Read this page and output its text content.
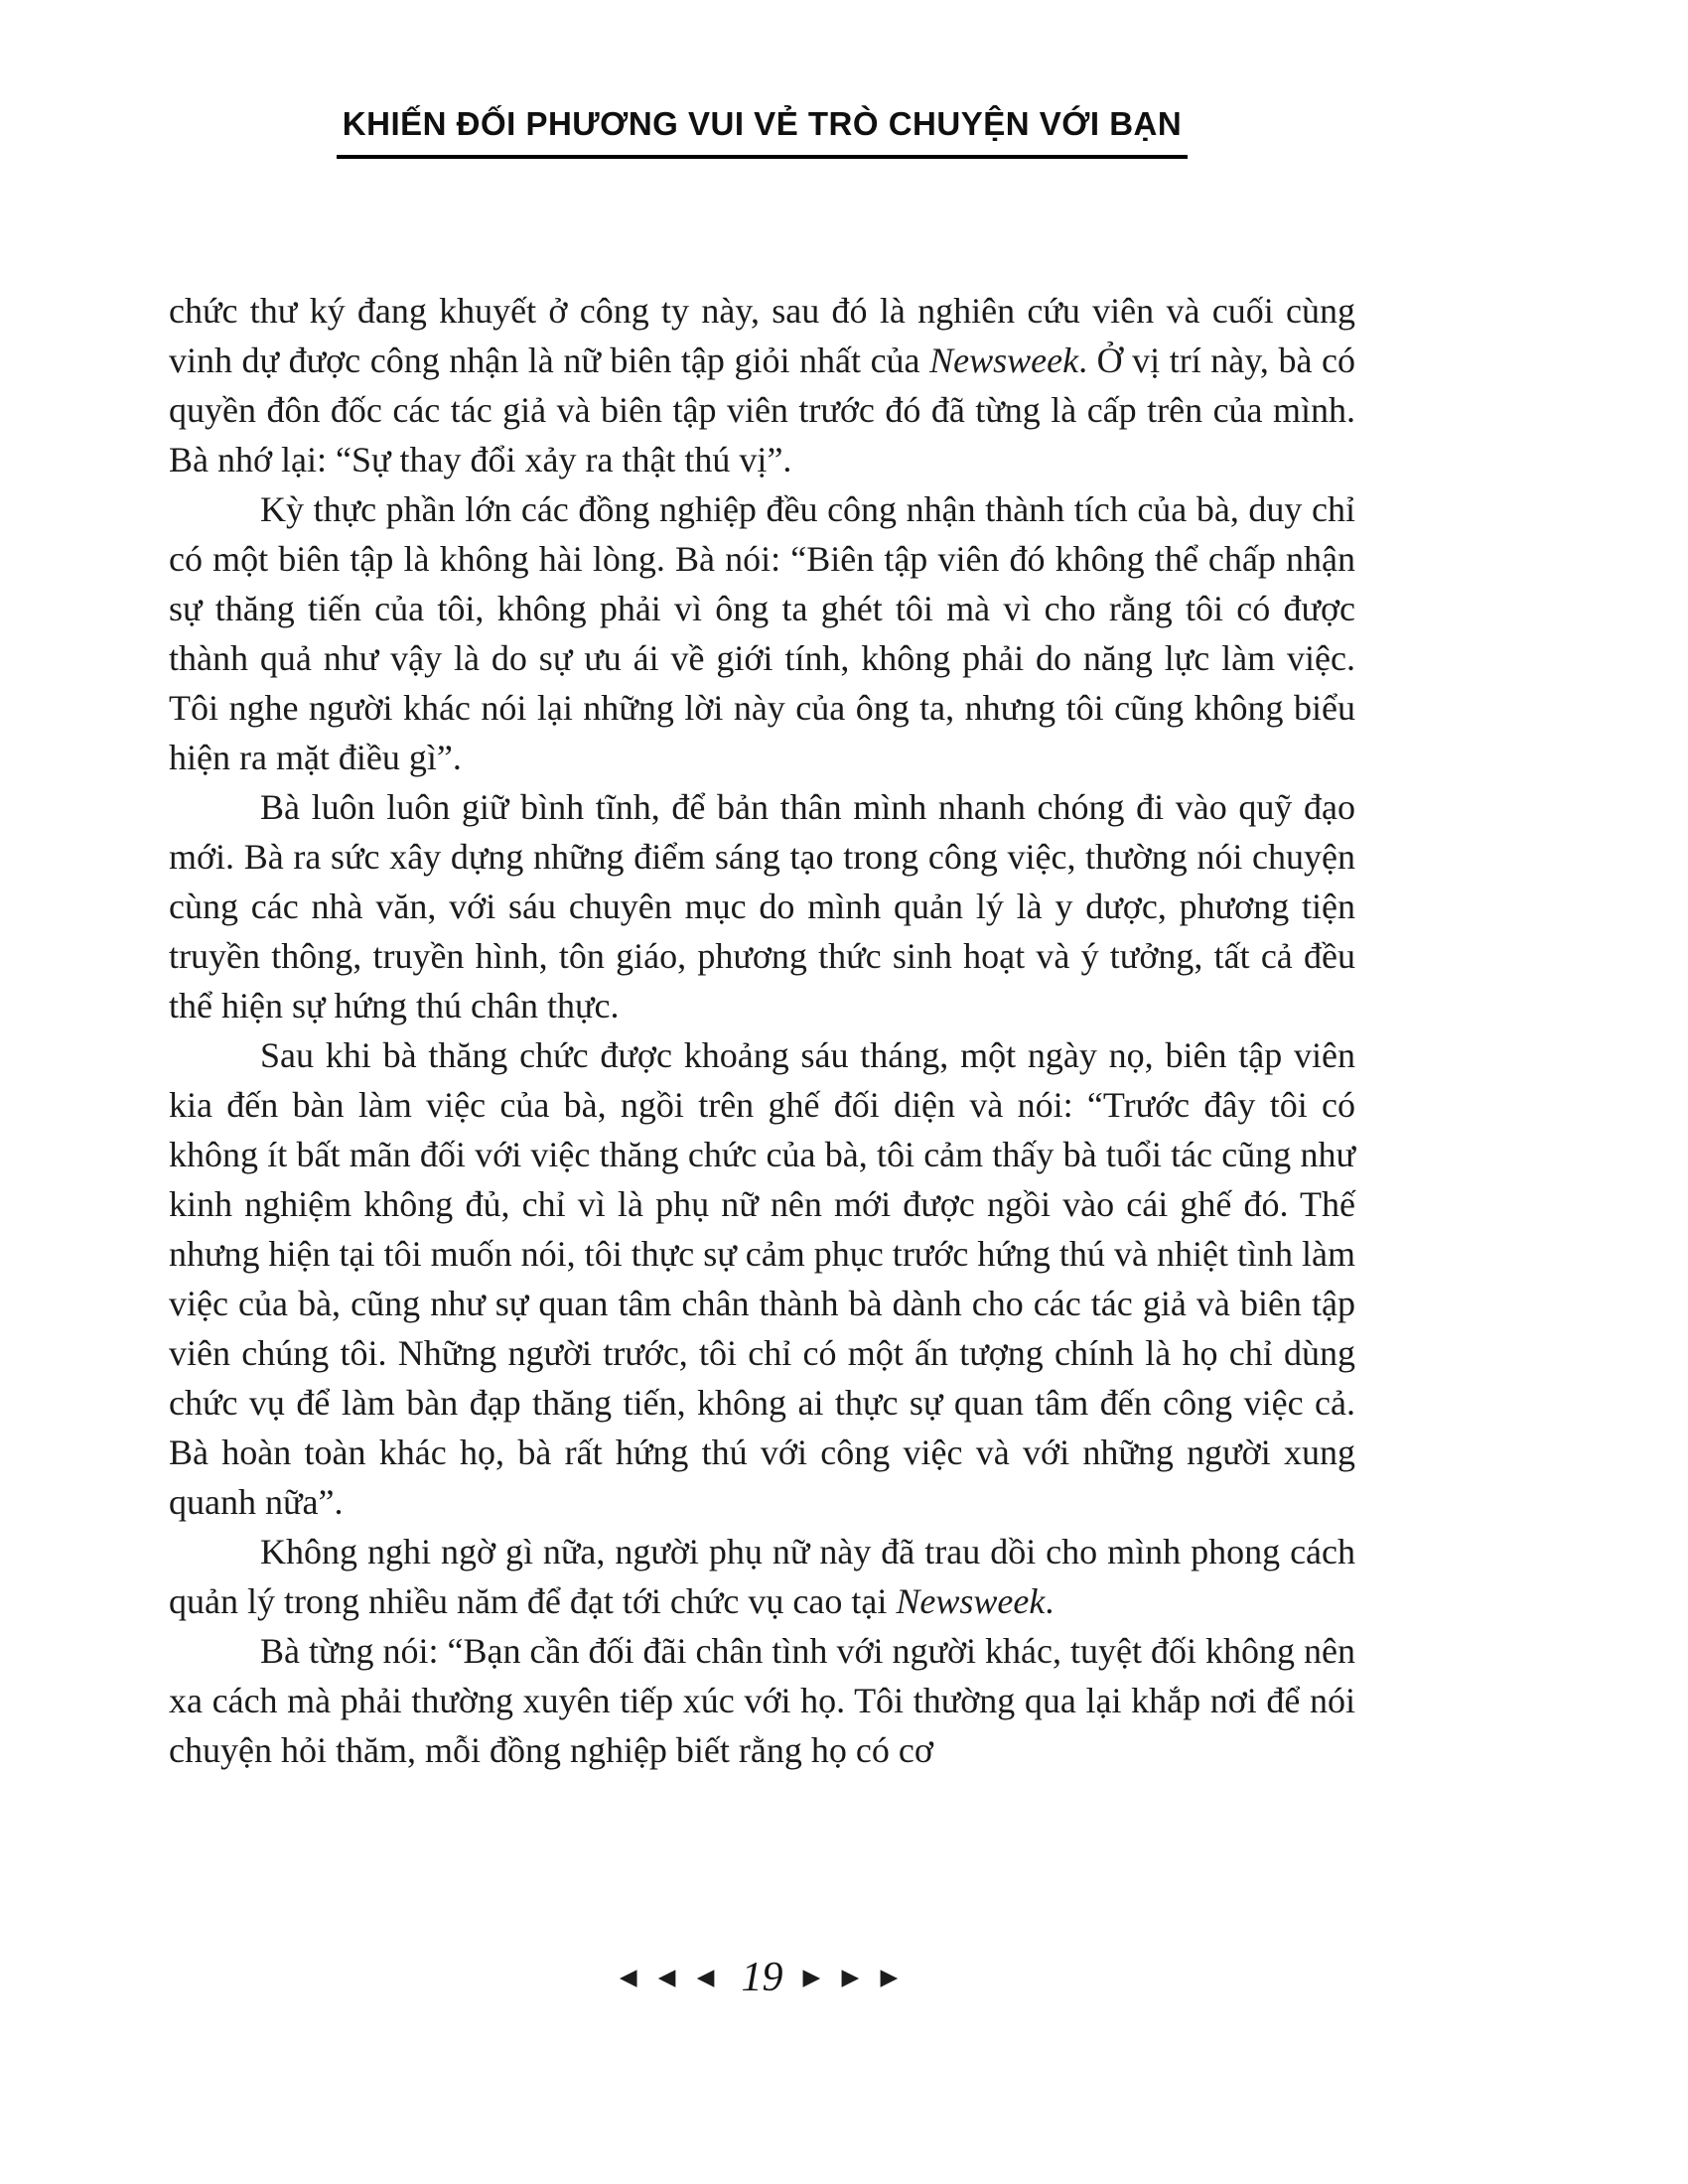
KHIẾN ĐỐI PHƯƠNG VUI VẺ TRÒ CHUYỆN VỚI BẠN

chức thư ký đang khuyết ở công ty này, sau đó là nghiên cứu viên và cuối cùng vinh dự được công nhận là nữ biên tập giỏi nhất của Newsweek. Ở vị trí này, bà có quyền đôn đốc các tác giả và biên tập viên trước đó đã từng là cấp trên của mình. Bà nhớ lại: “Sự thay đổi xảy ra thật thú vị”.

Kỳ thực phần lớn các đồng nghiệp đều công nhận thành tích của bà, duy chỉ có một biên tập là không hài lòng. Bà nói: “Biên tập viên đó không thể chấp nhận sự thăng tiến của tôi, không phải vì ông ta ghét tôi mà vì cho rằng tôi có được thành quả như vậy là do sự ưu ái về giới tính, không phải do năng lực làm việc. Tôi nghe người khác nói lại những lời này của ông ta, nhưng tôi cũng không biểu hiện ra mặt điều gì”.

Bà luôn luôn giữ bình tĩnh, để bản thân mình nhanh chóng đi vào quỹ đạo mới. Bà ra sức xây dựng những điểm sáng tạo trong công việc, thường nói chuyện cùng các nhà văn, với sáu chuyên mục do mình quản lý là y dược, phương tiện truyền thông, truyền hình, tôn giáo, phương thức sinh hoạt và ý tưởng, tất cả đều thể hiện sự hứng thú chân thực.

Sau khi bà thăng chức được khoảng sáu tháng, một ngày nọ, biên tập viên kia đến bàn làm việc của bà, ngồi trên ghế đối diện và nói: “Trước đây tôi có không ít bất mãn đối với việc thăng chức của bà, tôi cảm thấy bà tuổi tác cũng như kinh nghiệm không đủ, chỉ vì là phụ nữ nên mới được ngồi vào cái ghế đó. Thế nhưng hiện tại tôi muốn nói, tôi thực sự cảm phục trước hứng thú và nhiệt tình làm việc của bà, cũng như sự quan tâm chân thành bà dành cho các tác giả và biên tập viên chúng tôi. Những người trước, tôi chỉ có một ấn tượng chính là họ chỉ dùng chức vụ để làm bàn đạp thăng tiến, không ai thực sự quan tâm đến công việc cả. Bà hoàn toàn khác họ, bà rất hứng thú với công việc và với những người xung quanh nữa”.

Không nghi ngờ gì nữa, người phụ nữ này đã trau dồi cho mình phong cách quản lý trong nhiều năm để đạt tới chức vụ cao tại Newsweek.

Bà từng nói: “Bạn cần đối đãi chân tình với người khác, tuyệt đối không nên xa cách mà phải thường xuyên tiếp xúc với họ. Tôi thường qua lại khắp nơi để nói chuyện hỏi thăm, mỗi đồng nghiệp biết rằng họ có cơ

◀ ◀ ◀ 19 ▶ ▶ ▶
